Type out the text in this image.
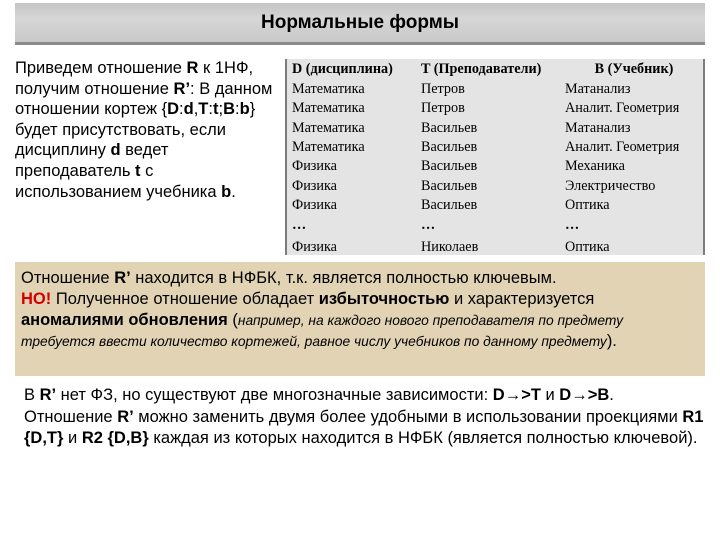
Нормальные формы
Приведем отношение R к 1НФ, получим отношение R’: В данном отношении кортеж {D:d,T:t;B:b} будет присутствовать, если дисциплину d ведет преподаватель t с использованием учебника b.
D (дисциплина)	T (Преподаватели)	B (Учебник)
Математика	Петров	Матанализ
Математика	Петров	Аналит. Геометрия
Математика	Васильев	Матанализ
Математика	Васильев	Аналит. Геометрия
Физика	Васильев	Механика
Физика	Васильев	Электричество
Физика	Васильев	Оптика
…	…	…
Физика	Николаев	Оптика
Отношение R’ находится в НФБК, т.к. является полностью ключевым.
НО! Полученное отношение обладает избыточностью и характеризуется аномалиями обновления (например, на каждого нового преподавателя по предмету требуется ввести количество кортежей, равное числу учебников по данному предмету).
В R’ нет ФЗ, но существуют две многозначные зависимости: D→>T и D→>B. Отношение R’ можно заменить двумя более удобными в использовании проекциями R1 {D,T} и R2 {D,B} каждая из которых находится в НФБК (является полностью ключевой).
